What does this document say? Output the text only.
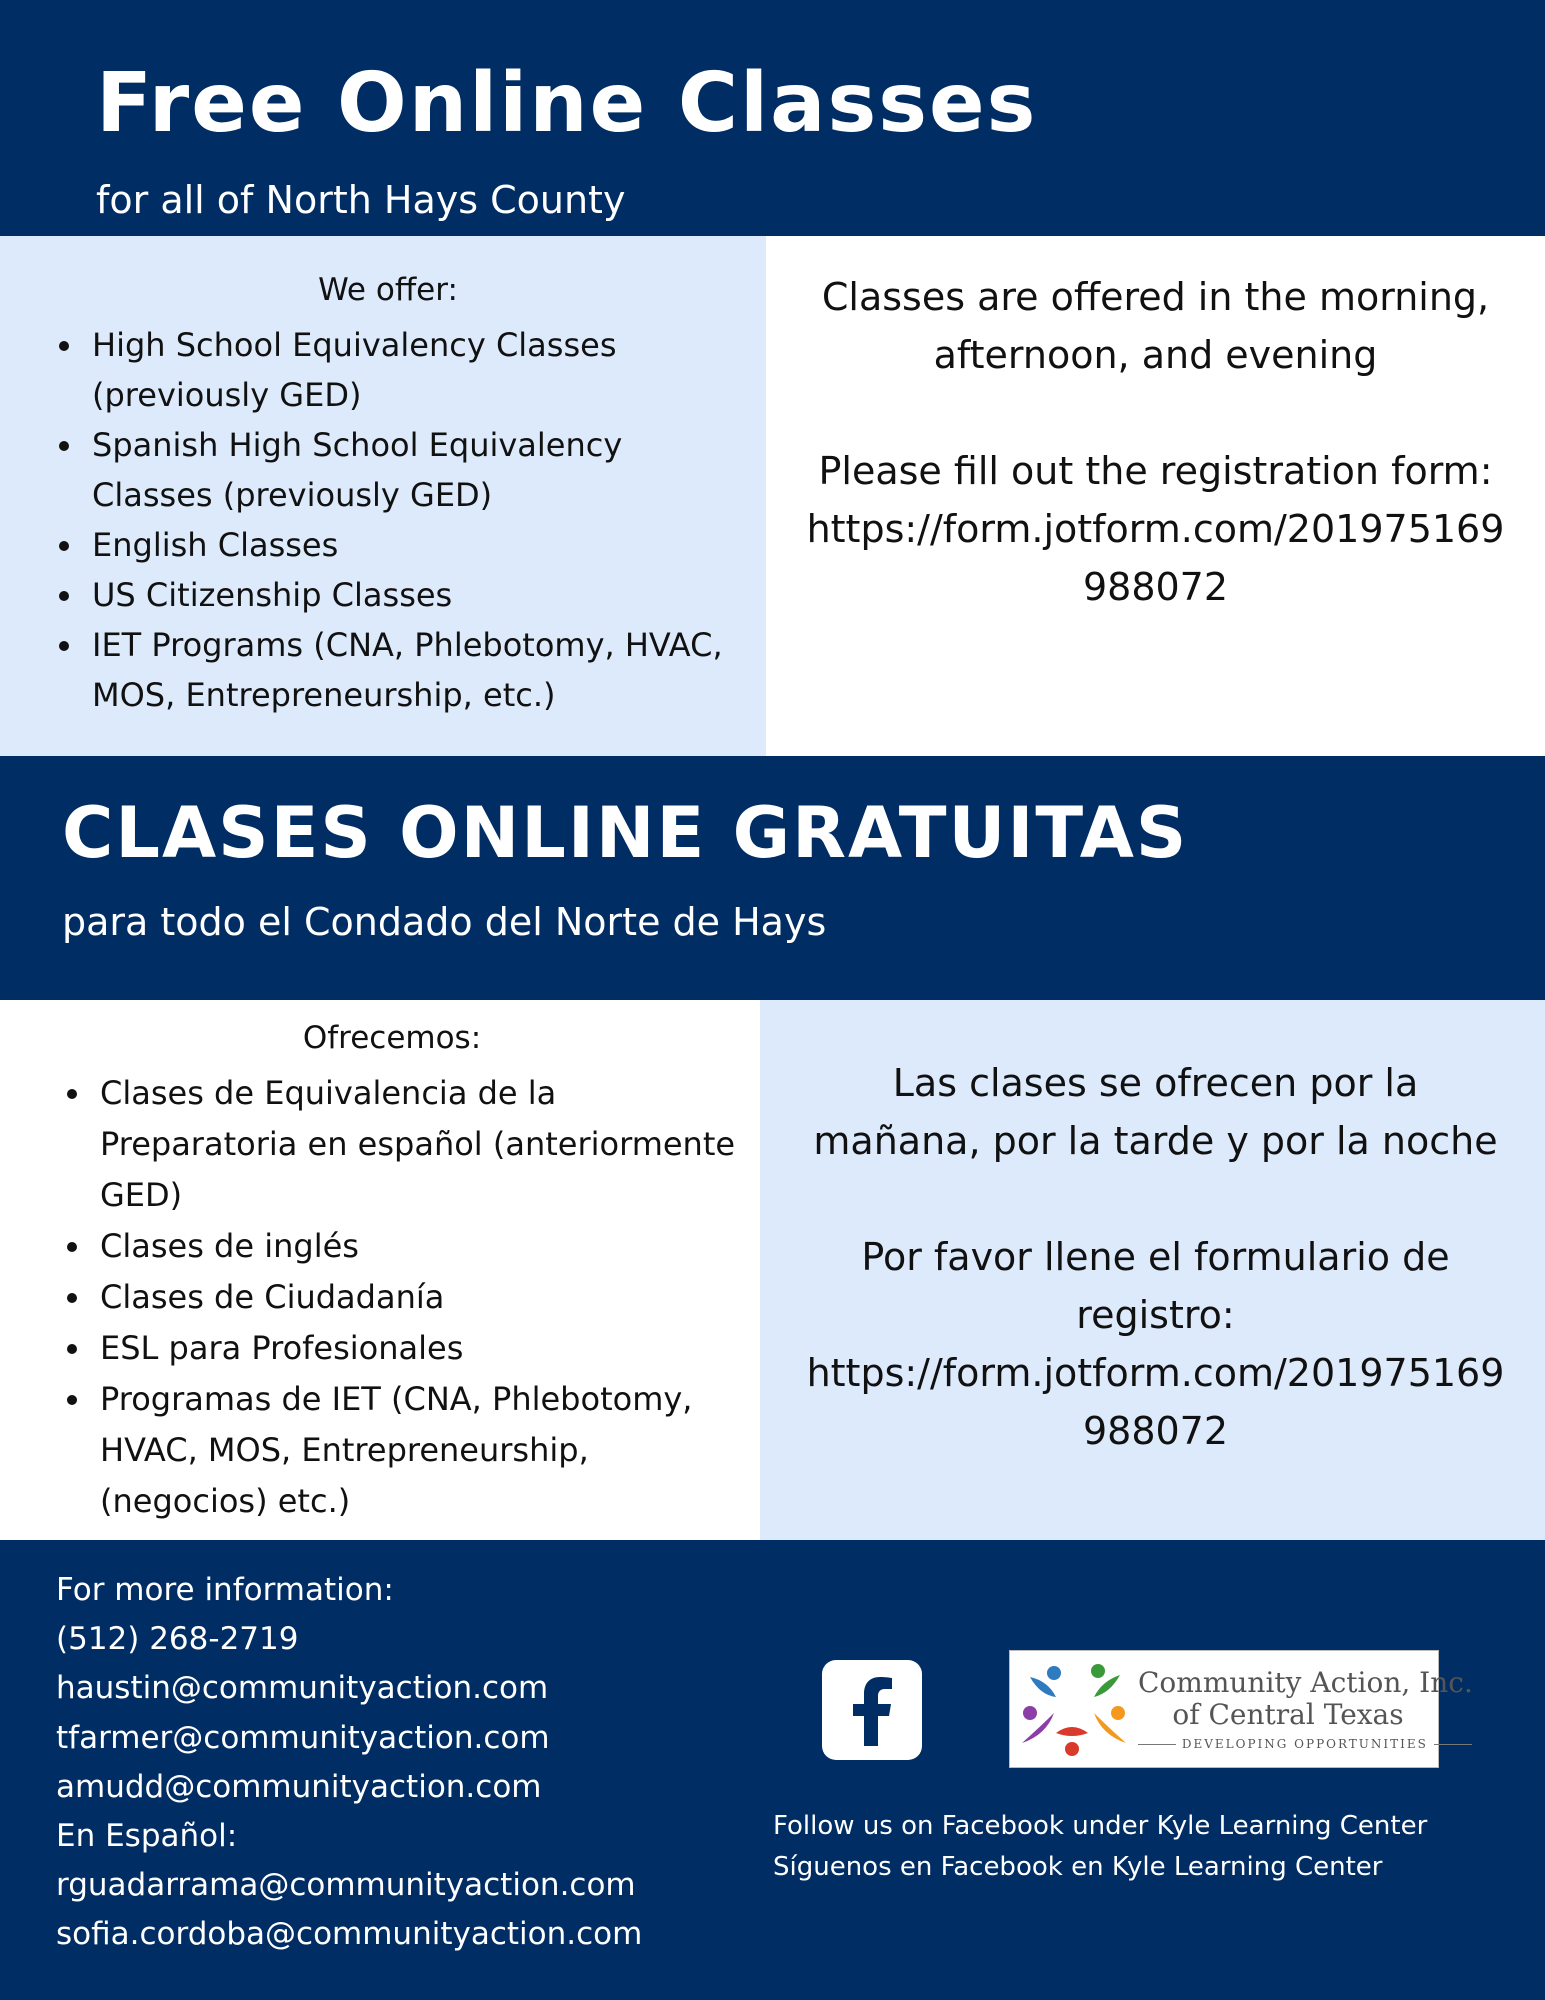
Free Online Classes

for all of North Hays County

We offer:

• High School Equivalency Classes (previously GED)
• Spanish High School Equivalency Classes (previously GED)
• English Classes
• US Citizenship Classes
• IET Programs (CNA, Phlebotomy, HVAC, MOS, Entrepreneurship, etc.)

Classes are offered in the morning, afternoon, and evening

Please fill out the registration form:

https://form.jotform.com/201975169988072

CLASES ONLINE GRATUITAS

para todo el Condado del Norte de Hays

Ofrecemos:

• Clases de Equivalencia de la Preparatoria en español (anteriormente GED)
• Clases de inglés
• Clases de Ciudadanía
• ESL para Profesionales
• Programas de IET (CNA, Phlebotomy, HVAC, MOS, Entrepreneurship, (negocios) etc.)

Las clases se ofrecen por la mañana, por la tarde y por la noche

Por favor llene el formulario de registro:

https://form.jotform.com/201975169988072

For more information:
(512) 268-2719
haustin@communityaction.com
tfarmer@communityaction.com
amudd@communityaction.com
En Español:
rguadarrama@communityaction.com
sofia.cordoba@communityaction.com
Community Action, Inc.
of Central Texas
DEVELOPING OPPORTUNITIES
Follow us on Facebook under Kyle Learning Center
Síguenos en Facebook en Kyle Learning Center
